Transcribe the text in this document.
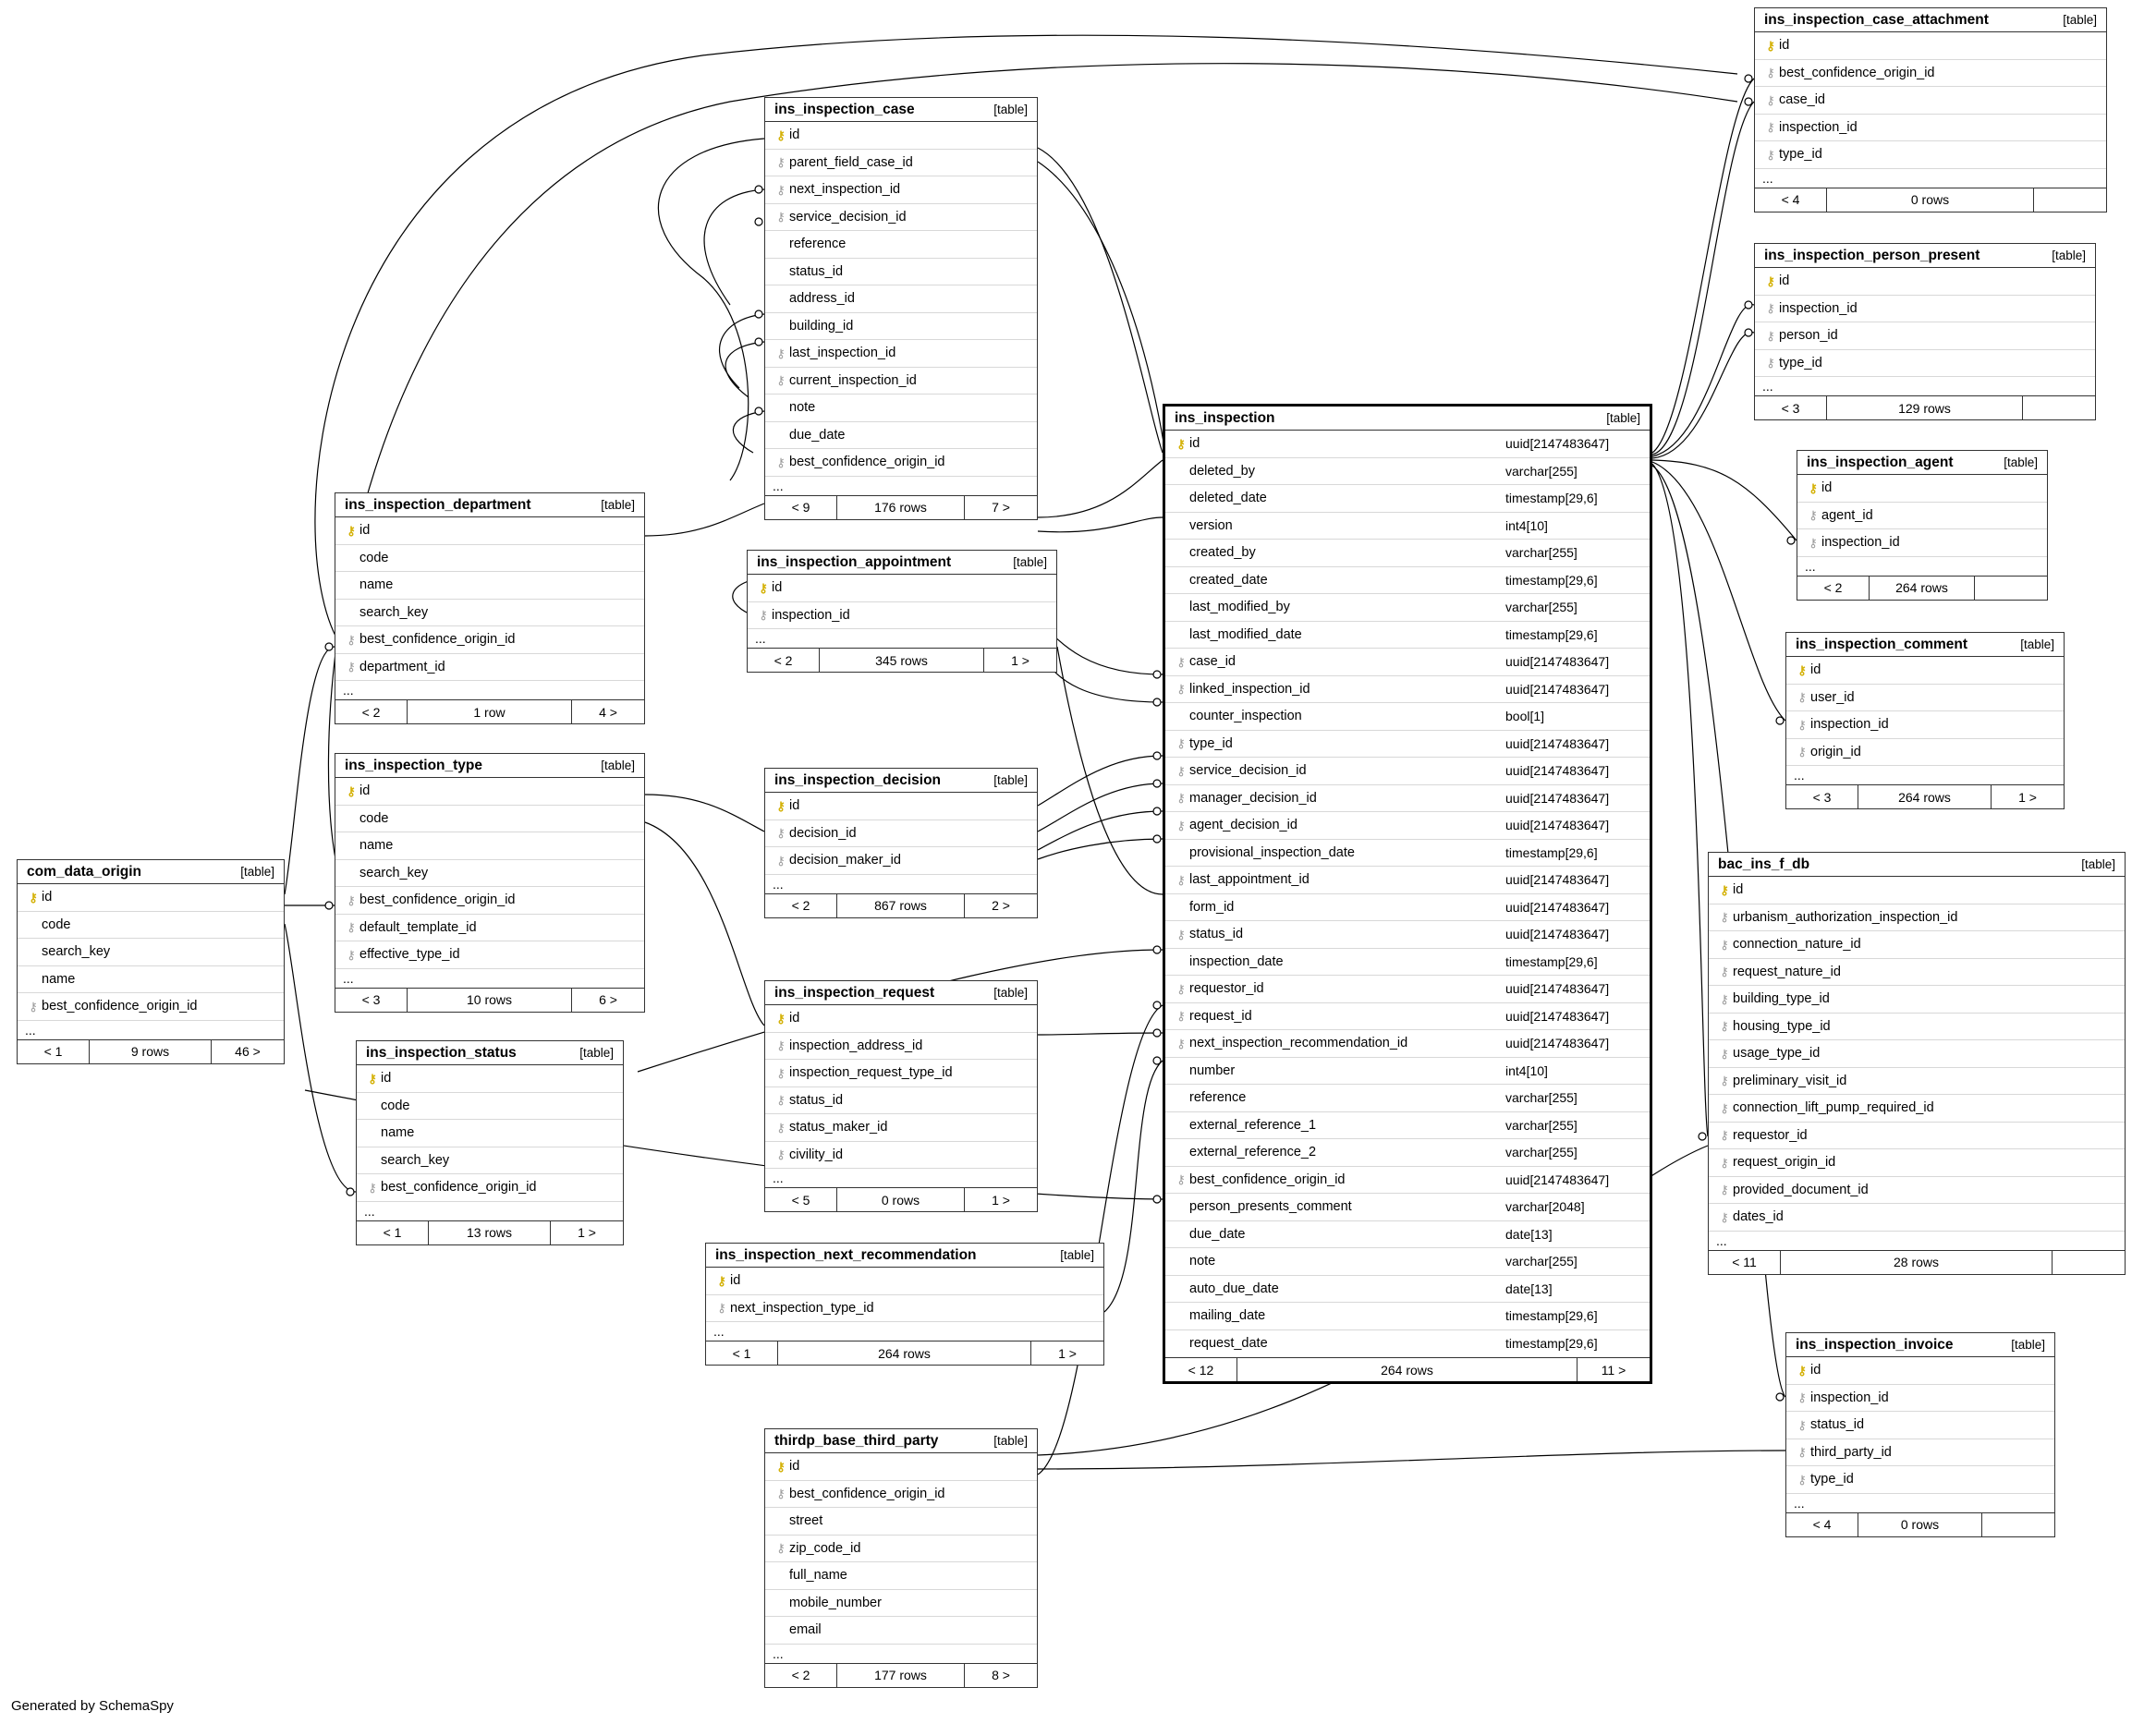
Generated by SchemaSpy
ins_inspection_case_attachment	[table]
⚷ id
⚷ best_confidence_origin_id
⚷ case_id
⚷ inspection_id
⚷ type_id
...
< 4	0 rows
ins_inspection_person_present	[table]
⚷ id
⚷ inspection_id
⚷ person_id
⚷ type_id
...
< 3	129 rows
ins_inspection_agent	[table]
⚷ id
⚷ agent_id
⚷ inspection_id
...
< 2	264 rows
ins_inspection_comment	[table]
⚷ id
⚷ user_id
⚷ inspection_id
⚷ origin_id
...
< 3	264 rows	1 >
bac_ins_f_db	[table]
⚷ id
⚷ urbanism_authorization_inspection_id
⚷ connection_nature_id
⚷ request_nature_id
⚷ building_type_id
⚷ housing_type_id
⚷ usage_type_id
⚷ preliminary_visit_id
⚷ connection_lift_pump_required_id
⚷ requestor_id
⚷ request_origin_id
⚷ provided_document_id
⚷ dates_id
...
< 11	28 rows
ins_inspection_invoice	[table]
⚷ id
⚷ inspection_id
⚷ status_id
⚷ third_party_id
⚷ type_id
...
< 4	0 rows
ins_inspection_case	[table]
⚷ id
⚷ parent_field_case_id
⚷ next_inspection_id
⚷ service_decision_id
reference
status_id
address_id
building_id
⚷ last_inspection_id
⚷ current_inspection_id
note
due_date
⚷ best_confidence_origin_id
...
< 9	176 rows	7 >
ins_inspection_appointment	[table]
⚷ id
⚷ inspection_id
...
< 2	345 rows	1 >
ins_inspection_decision	[table]
⚷ id
⚷ decision_id
⚷ decision_maker_id
...
< 2	867 rows	2 >
ins_inspection_request	[table]
⚷ id
⚷ inspection_address_id
⚷ inspection_request_type_id
⚷ status_id
⚷ status_maker_id
⚷ civility_id
...
< 5	0 rows	1 >
ins_inspection_next_recommendation	[table]
⚷ id
⚷ next_inspection_type_id
...
< 1	264 rows	1 >
thirdp_base_third_party	[table]
⚷ id
⚷ best_confidence_origin_id
street
⚷ zip_code_id
full_name
mobile_number
email
...
< 2	177 rows	8 >
ins_inspection_department	[table]
⚷ id
code
name
search_key
⚷ best_confidence_origin_id
⚷ department_id
...
< 2	1 row	4 >
ins_inspection_type	[table]
⚷ id
code
name
search_key
⚷ best_confidence_origin_id
⚷ default_template_id
⚷ effective_type_id
...
< 3	10 rows	6 >
ins_inspection_status	[table]
⚷ id
code
name
search_key
⚷ best_confidence_origin_id
...
< 1	13 rows	1 >
com_data_origin	[table]
⚷ id
code
search_key
name
⚷ best_confidence_origin_id
...
< 1	9 rows	46 >
ins_inspection	[table]
⚷ id	uuid[2147483647]
deleted_by	varchar[255]
deleted_date	timestamp[29,6]
version	int4[10]
created_by	varchar[255]
created_date	timestamp[29,6]
last_modified_by	varchar[255]
last_modified_date	timestamp[29,6]
⚷ case_id	uuid[2147483647]
⚷ linked_inspection_id	uuid[2147483647]
counter_inspection	bool[1]
⚷ type_id	uuid[2147483647]
⚷ service_decision_id	uuid[2147483647]
⚷ manager_decision_id	uuid[2147483647]
⚷ agent_decision_id	uuid[2147483647]
provisional_inspection_date	timestamp[29,6]
⚷ last_appointment_id	uuid[2147483647]
form_id	uuid[2147483647]
⚷ status_id	uuid[2147483647]
inspection_date	timestamp[29,6]
⚷ requestor_id	uuid[2147483647]
⚷ request_id	uuid[2147483647]
⚷ next_inspection_recommendation_id	uuid[2147483647]
number	int4[10]
reference	varchar[255]
external_reference_1	varchar[255]
external_reference_2	varchar[255]
⚷ best_confidence_origin_id	uuid[2147483647]
person_presents_comment	varchar[2048]
due_date	date[13]
note	varchar[255]
auto_due_date	date[13]
mailing_date	timestamp[29,6]
request_date	timestamp[29,6]
< 12	264 rows	11 >
